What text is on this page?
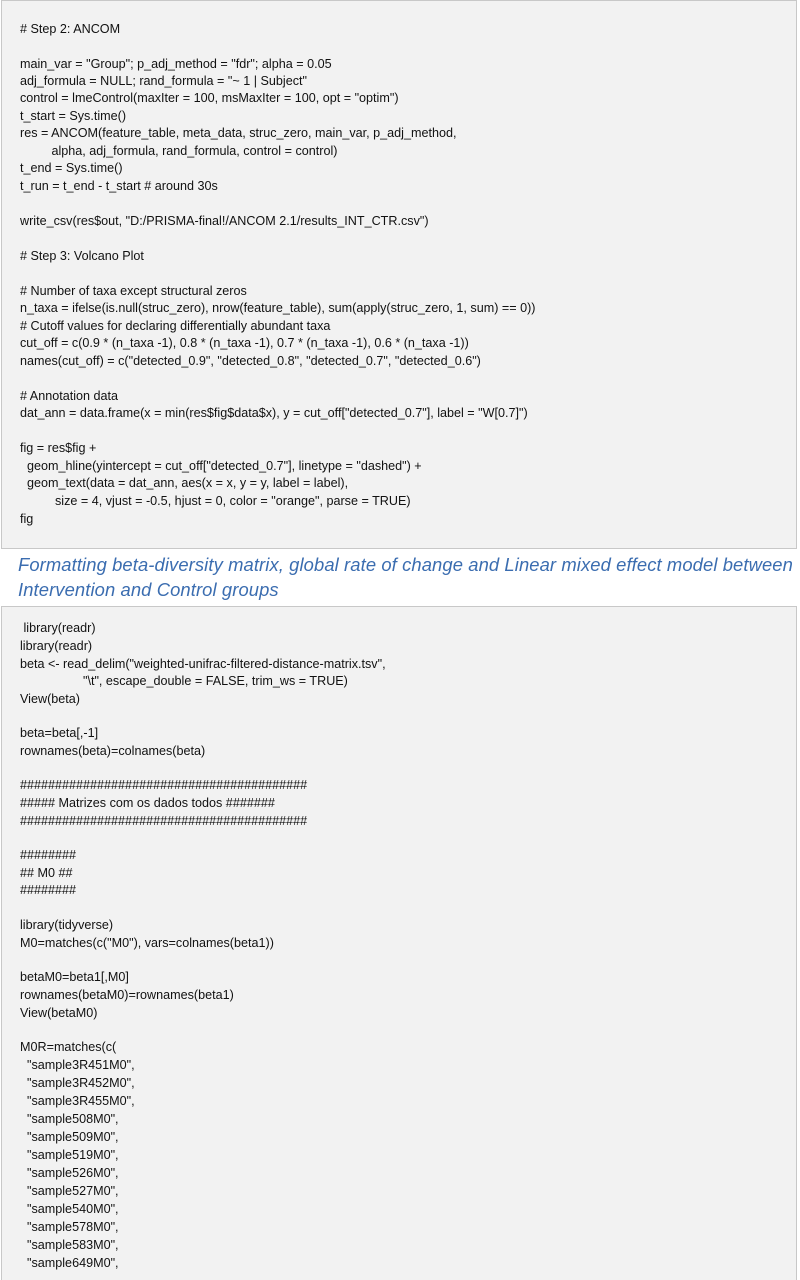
# Step 2: ANCOM
main_var = "Group"; p_adj_method = "fdr"; alpha = 0.05
adj_formula = NULL; rand_formula = "~ 1 | Subject"
control = lmeControl(maxIter = 100, msMaxIter = 100, opt = "optim")
t_start = Sys.time()
res = ANCOM(feature_table, meta_data, struc_zero, main_var, p_adj_method,
alpha, adj_formula, rand_formula, control = control)
t_end = Sys.time()
t_run = t_end - t_start # around 30s
write_csv(res$out, "D:/PRISMA-final!/ANCOM 2.1/results_INT_CTR.csv")
# Step 3: Volcano Plot
# Number of taxa except structural zeros
n_taxa = ifelse(is.null(struc_zero), nrow(feature_table), sum(apply(struc_zero, 1, sum) == 0))
# Cutoff values for declaring differentially abundant taxa
cut_off = c(0.9 * (n_taxa -1), 0.8 * (n_taxa -1), 0.7 * (n_taxa -1), 0.6 * (n_taxa -1))
names(cut_off) = c("detected_0.9", "detected_0.8", "detected_0.7", "detected_0.6")
# Annotation data
dat_ann = data.frame(x = min(res$fig$data$x), y = cut_off["detected_0.7"], label = "W[0.7]")
fig = res$fig +
geom_hline(yintercept = cut_off["detected_0.7"], linetype = "dashed") +
geom_text(data = dat_ann, aes(x = x, y = y, label = label),
size = 4, vjust = -0.5, hjust = 0, color = "orange", parse = TRUE)
fig
Formatting beta-diversity matrix, global rate of change and Linear mixed effect model between
Intervention and Control groups
library(readr)
library(readr)
beta <- read_delim("weighted-unifrac-filtered-distance-matrix.tsv",
"\t", escape_double = FALSE, trim_ws = TRUE)
View(beta)
beta=beta[,-1]
rownames(beta)=colnames(beta)
#########################################
##### Matrizes com os dados todos #######
#########################################
########
## M0 ##
########
library(tidyverse)
M0=matches(c("M0"), vars=colnames(beta1))
betaM0=beta1[,M0]
rownames(betaM0)=rownames(beta1)
View(betaM0)
M0R=matches(c(
"sample3R451M0",
"sample3R452M0",
"sample3R455M0",
"sample508M0",
"sample509M0",
"sample519M0",
"sample526M0",
"sample527M0",
"sample540M0",
"sample578M0",
"sample583M0",
"sample649M0",
